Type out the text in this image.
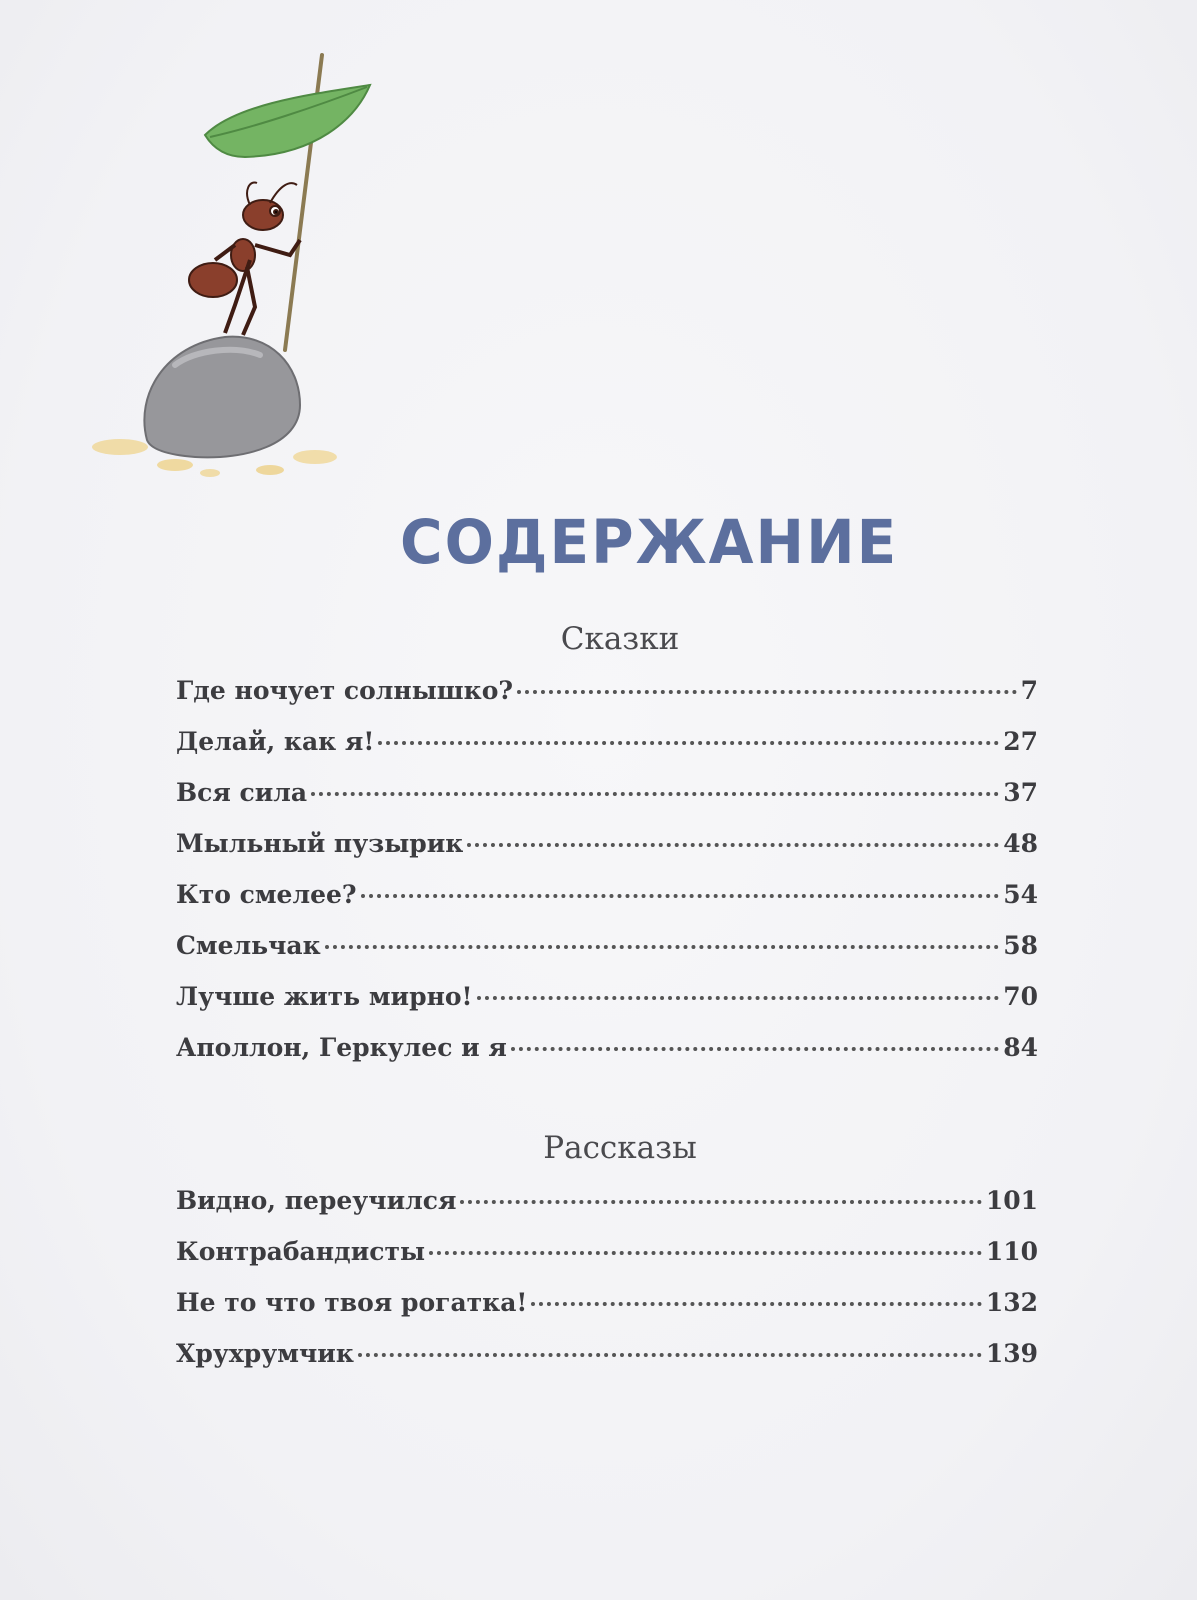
СОДЕРЖАНИЕ
Сказки
Где ночует солнышко?	7
Делай, как я!	27
Вся сила	37
Мыльный пузырик	48
Кто смелее?	54
Смельчак	58
Лучше жить мирно!	70
Аполлон, Геркулес и я	84
Рассказы
Видно, переучился	101
Контрабандисты	110
Не то что твоя рогатка!	132
Хрухрумчик	139
